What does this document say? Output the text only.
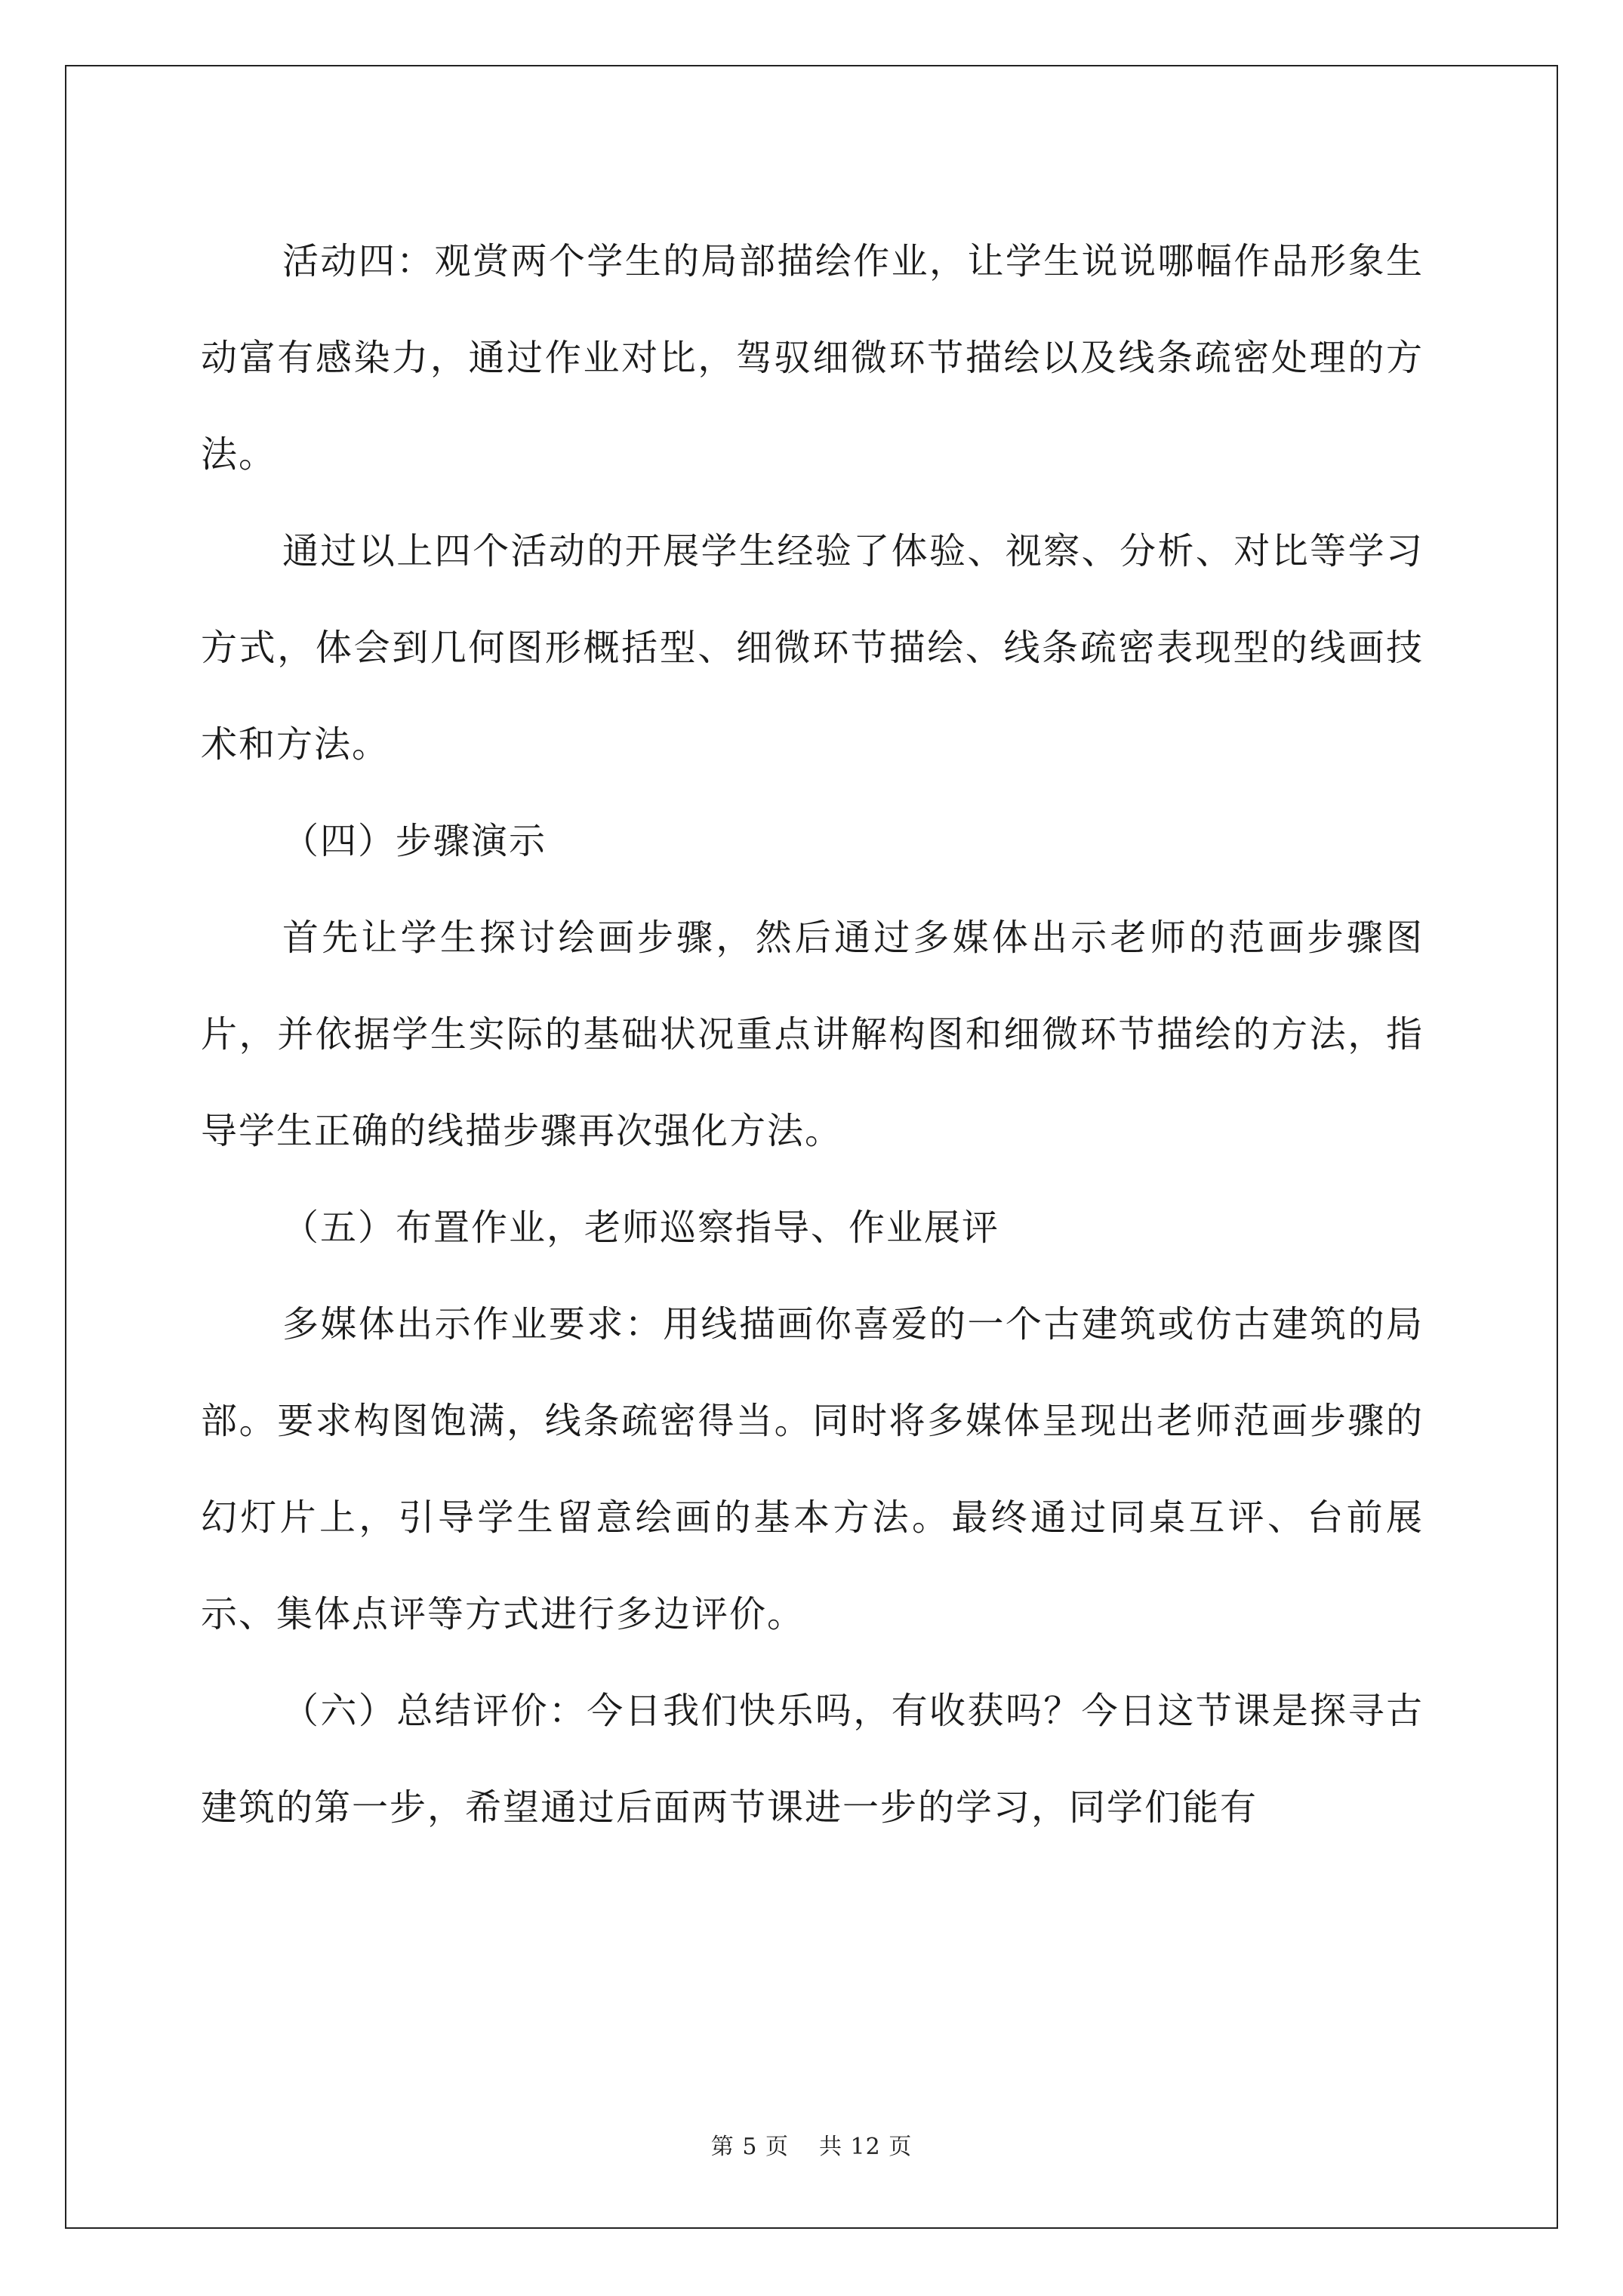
活动四：观赏两个学生的局部描绘作业，让学生说说哪幅作品形象生动富有感染力，通过作业对比，驾驭细微环节描绘以及线条疏密处理的方法。

通过以上四个活动的开展学生经验了体验、视察、分析、对比等学习方式，体会到几何图形概括型、细微环节描绘、线条疏密表现型的线画技术和方法。

（四）步骤演示

首先让学生探讨绘画步骤，然后通过多媒体出示老师的范画步骤图片，并依据学生实际的基础状况重点讲解构图和细微环节描绘的方法，指导学生正确的线描步骤再次强化方法。

（五）布置作业，老师巡察指导、作业展评

多媒体出示作业要求：用线描画你喜爱的一个古建筑或仿古建筑的局部。要求构图饱满，线条疏密得当。同时将多媒体呈现出老师范画步骤的幻灯片上，引导学生留意绘画的基本方法。最终通过同桌互评、台前展示、集体点评等方式进行多边评价。

（六）总结评价：今日我们快乐吗，有收获吗？今日这节课是探寻古建筑的第一步，希望通过后面两节课进一步的学习，同学们能有

第 5 页 共 12 页
